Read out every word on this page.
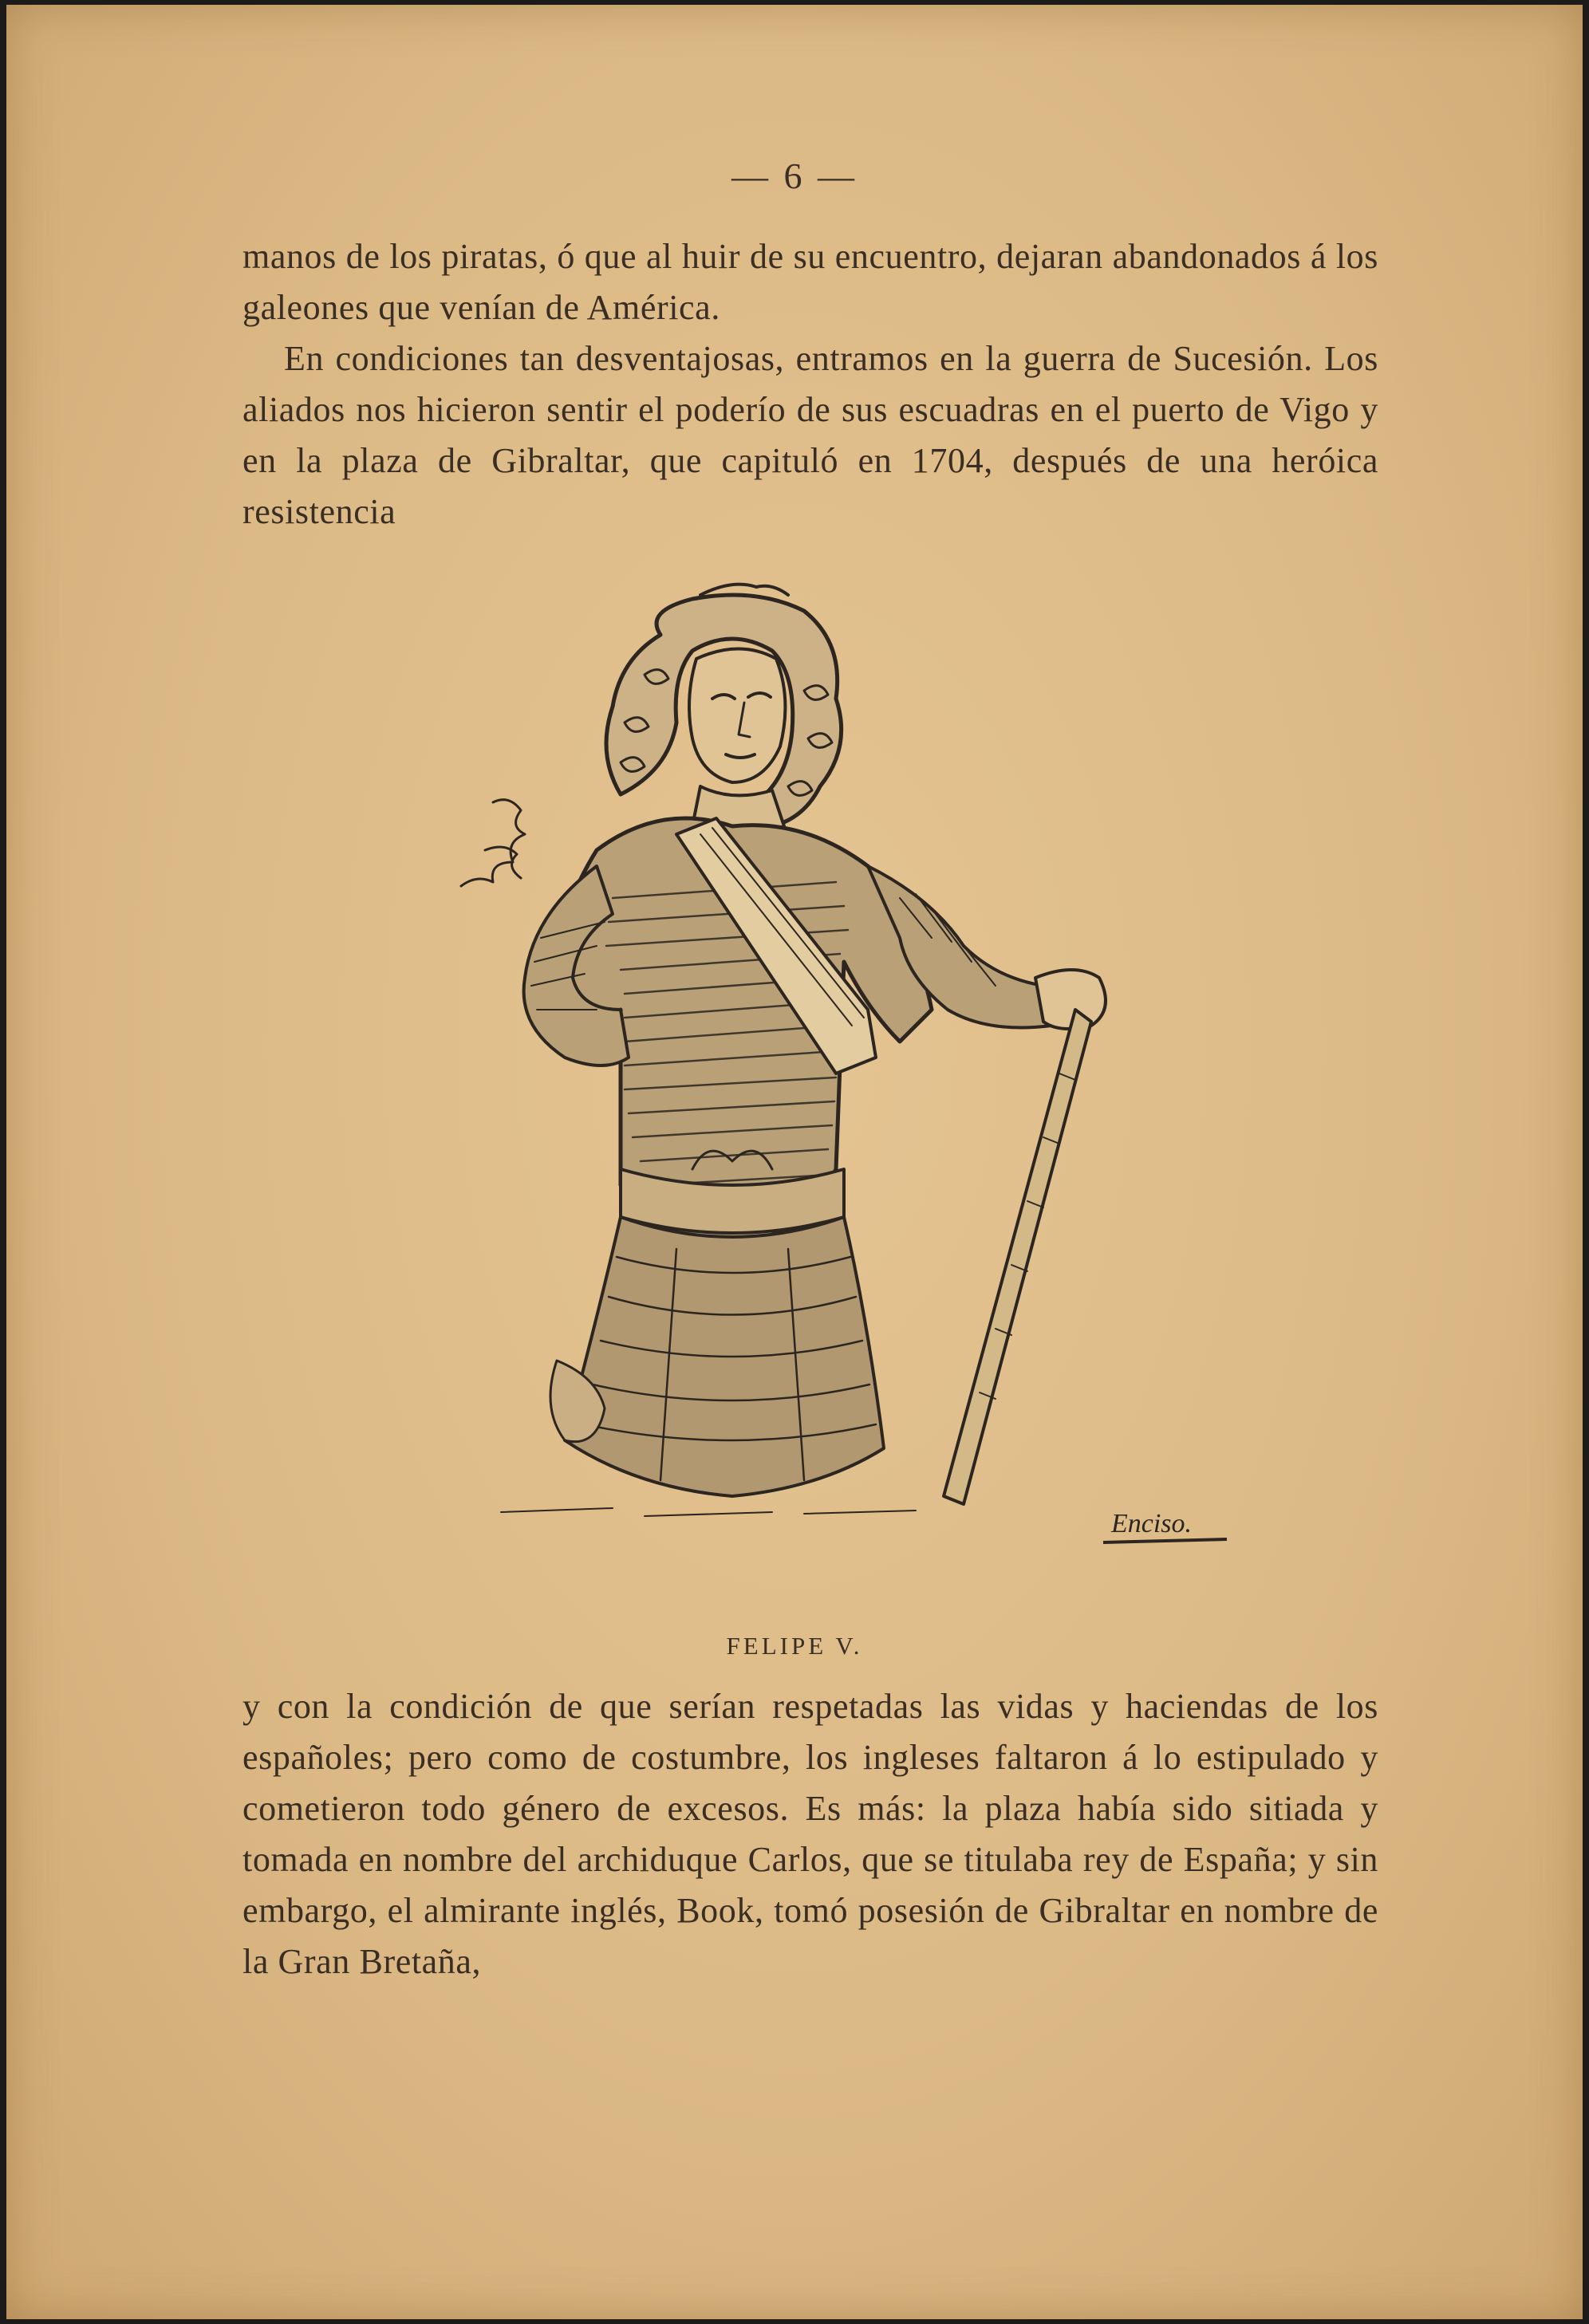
— 6 —

manos de los piratas, ó que al huir de su encuentro, dejaran abandonados á los galeones que venían de América.

En condiciones tan desventajosas, entramos en la guerra de Sucesión. Los aliados nos hicieron sentir el poderío de sus escuadras en el puerto de Vigo y en la plaza de Gibraltar, que capituló en 1704, después de una heróica resistencia

Enciso.
FELIPE V.

y con la condición de que serían respetadas las vidas y haciendas de los españoles; pero como de costumbre, los ingleses faltaron á lo estipulado y cometieron todo género de excesos. Es más: la plaza había sido sitiada y tomada en nombre del archiduque Carlos, que se titulaba rey de España; y sin embargo, el almirante inglés, Book, tomó posesión de Gibraltar en nombre de la Gran Bretaña,
